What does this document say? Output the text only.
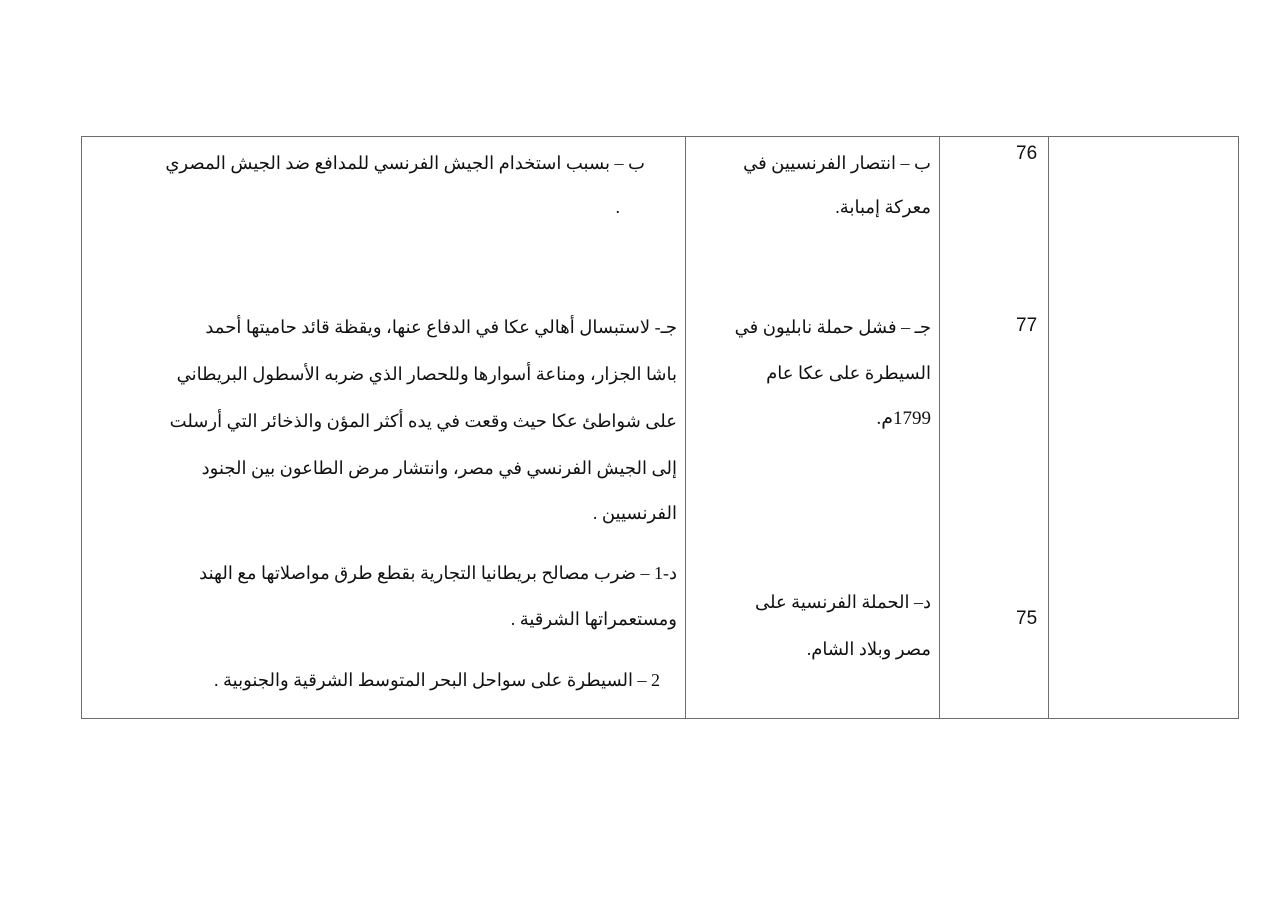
76
ب – انتصار الفرنسيين في
معركة إمبابة.
ب – بسبب استخدام الجيش الفرنسي للمدافع ضد الجيش المصري
.
77
جـ – فشل حملة نابليون في
السيطرة على عكا عام
1799م.
جـ- لاستبسال أهالي عكا في الدفاع عنها، ويقظة قائد حاميتها أحمد
باشا الجزار، ومناعة أسوارها وللحصار الذي ضربه الأسطول البريطاني
على شواطئ عكا حيث وقعت في يده أكثر المؤن والذخائر التي أرسلت
إلى الجيش الفرنسي في مصر، وانتشار مرض الطاعون بين الجنود
الفرنسيين .
75
د– الحملة الفرنسية على
مصر وبلاد الشام.
د-1 – ضرب مصالح بريطانيا التجارية بقطع طرق مواصلاتها مع الهند
ومستعمراتها الشرقية .
2 – السيطرة على سواحل البحر المتوسط الشرقية والجنوبية .
